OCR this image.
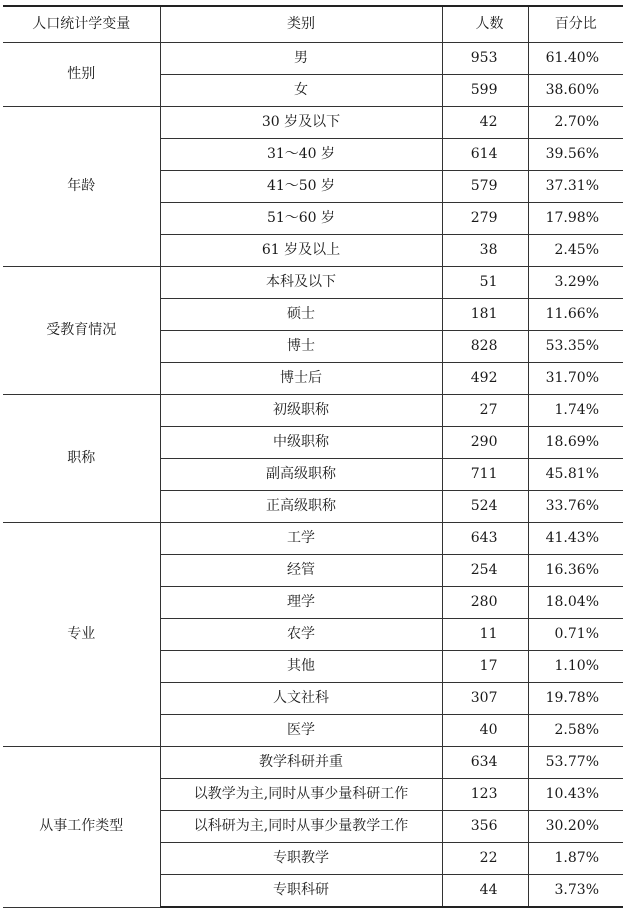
人口统计学变量	类别	人数	百分比
性别	男	953	61.40%
	女	599	38.60%
年龄	30 岁及以下	42	2.70%
	31～40 岁	614	39.56%
	41～50 岁	579	37.31%
	51～60 岁	279	17.98%
	61 岁及以上	38	2.45%
受教育情况	本科及以下	51	3.29%
	硕士	181	11.66%
	博士	828	53.35%
	博士后	492	31.70%
职称	初级职称	27	1.74%
	中级职称	290	18.69%
	副高级职称	711	45.81%
	正高级职称	524	33.76%
专业	工学	643	41.43%
	经管	254	16.36%
	理学	280	18.04%
	农学	11	0.71%
	其他	17	1.10%
	人文社科	307	19.78%
	医学	40	2.58%
从事工作类型	教学科研并重	634	53.77%
	以教学为主,同时从事少量科研工作	123	10.43%
	以科研为主,同时从事少量教学工作	356	30.20%
	专职教学	22	1.87%
	专职科研	44	3.73%
